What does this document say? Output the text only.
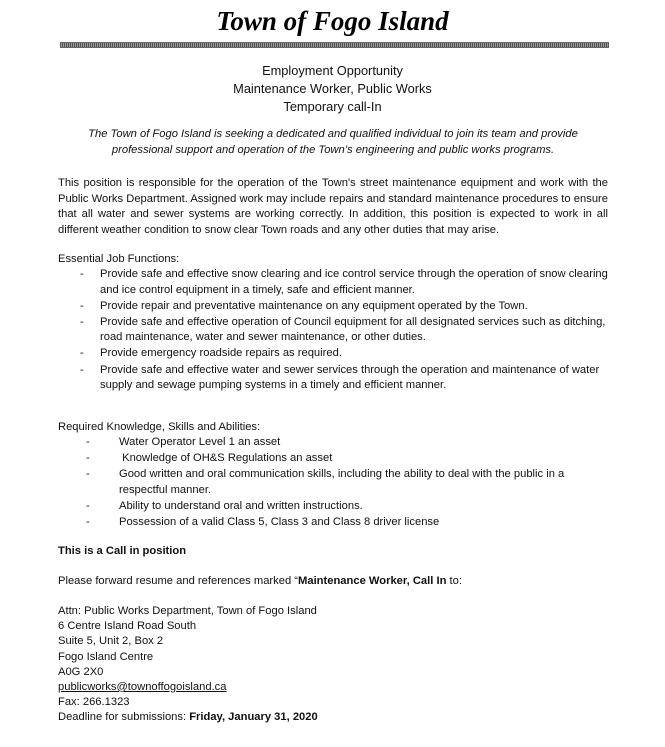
Town of Fogo Island
Employment Opportunity
Maintenance Worker, Public Works
Temporary call-In
The Town of Fogo Island is seeking a dedicated and qualified individual to join its team and provide professional support and operation of the Town’s engineering and public works programs.
This position is responsible for the operation of the Town's street maintenance equipment and work with the Public Works Department. Assigned work may include repairs and standard maintenance procedures to ensure that all water and sewer systems are working correctly. In addition, this position is expected to work in all different weather condition to snow clear Town roads and any other duties that may arise.
Essential Job Functions:
- Provide safe and effective snow clearing and ice control service through the operation of snow clearing and ice control equipment in a timely, safe and efficient manner.
- Provide repair and preventative maintenance on any equipment operated by the Town.
- Provide safe and effective operation of Council equipment for all designated services such as ditching, road maintenance, water and sewer maintenance, or other duties.
- Provide emergency roadside repairs as required.
- Provide safe and effective water and sewer services through the operation and maintenance of water supply and sewage pumping systems in a timely and efficient manner.
Required Knowledge, Skills and Abilities:
-	Water Operator Level 1 an asset
-	Knowledge of OH&S Regulations an asset
-	Good written and oral communication skills, including the ability to deal with the public in a respectful manner.
-	Ability to understand oral and written instructions.
-	Possession of a valid Class 5, Class 3 and Class 8 driver license
This is a Call in position
Please forward resume and references marked “Maintenance Worker, Call In to:
Attn: Public Works Department, Town of Fogo Island
6 Centre Island Road South
Suite 5, Unit 2, Box 2
Fogo Island Centre
A0G 2X0
publicworks@townoffogoisland.ca
Fax: 266.1323
Deadline for submissions: Friday, January 31, 2020
